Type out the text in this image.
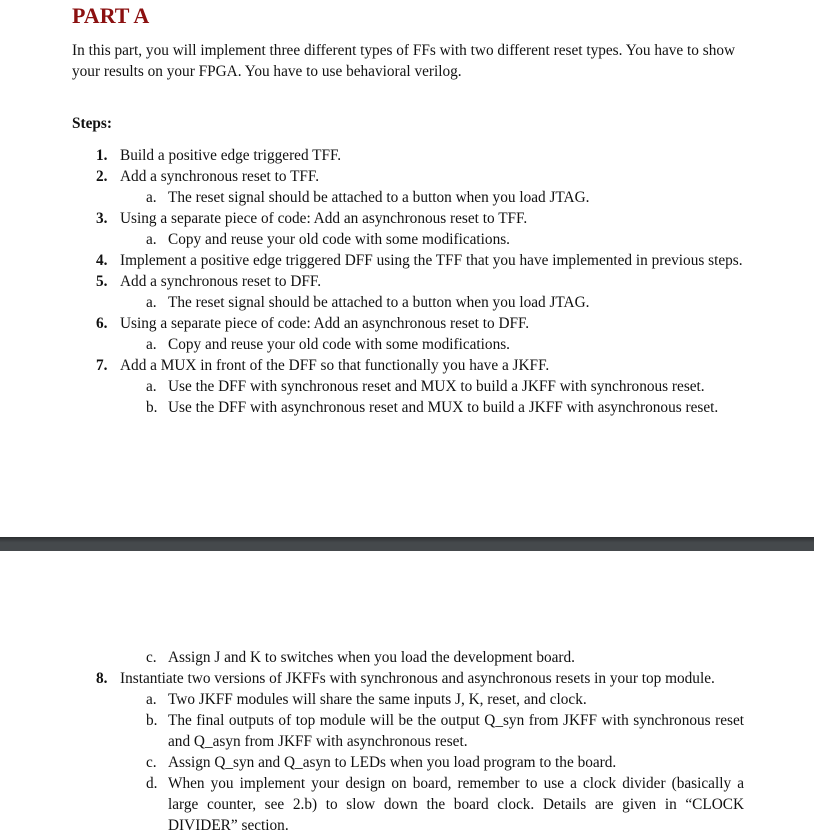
PART A

In this part, you will implement three different types of FFs with two different reset types. You have to show your results on your FPGA. You have to use behavioral verilog.

Steps:

1. Build a positive edge triggered TFF.
2. Add a synchronous reset to TFF.
a. The reset signal should be attached to a button when you load JTAG.
3. Using a separate piece of code: Add an asynchronous reset to TFF.
a. Copy and reuse your old code with some modifications.
4. Implement a positive edge triggered DFF using the TFF that you have implemented in previous steps.
5. Add a synchronous reset to DFF.
a. The reset signal should be attached to a button when you load JTAG.
6. Using a separate piece of code: Add an asynchronous reset to DFF.
a. Copy and reuse your old code with some modifications.
7. Add a MUX in front of the DFF so that functionally you have a JKFF.
a. Use the DFF with synchronous reset and MUX to build a JKFF with synchronous reset.
b. Use the DFF with asynchronous reset and MUX to build a JKFF with asynchronous reset.
c. Assign J and K to switches when you load the development board.
8. Instantiate two versions of JKFFs with synchronous and asynchronous resets in your top module.
a. Two JKFF modules will share the same inputs J, K, reset, and clock.
b. The final outputs of top module will be the output Q_syn from JKFF with synchronous reset and Q_asyn from JKFF with asynchronous reset.
c. Assign Q_syn and Q_asyn to LEDs when you load program to the board.
d. When you implement your design on board, remember to use a clock divider (basically a large counter, see 2.b) to slow down the board clock. Details are given in “CLOCK DIVIDER” section.
